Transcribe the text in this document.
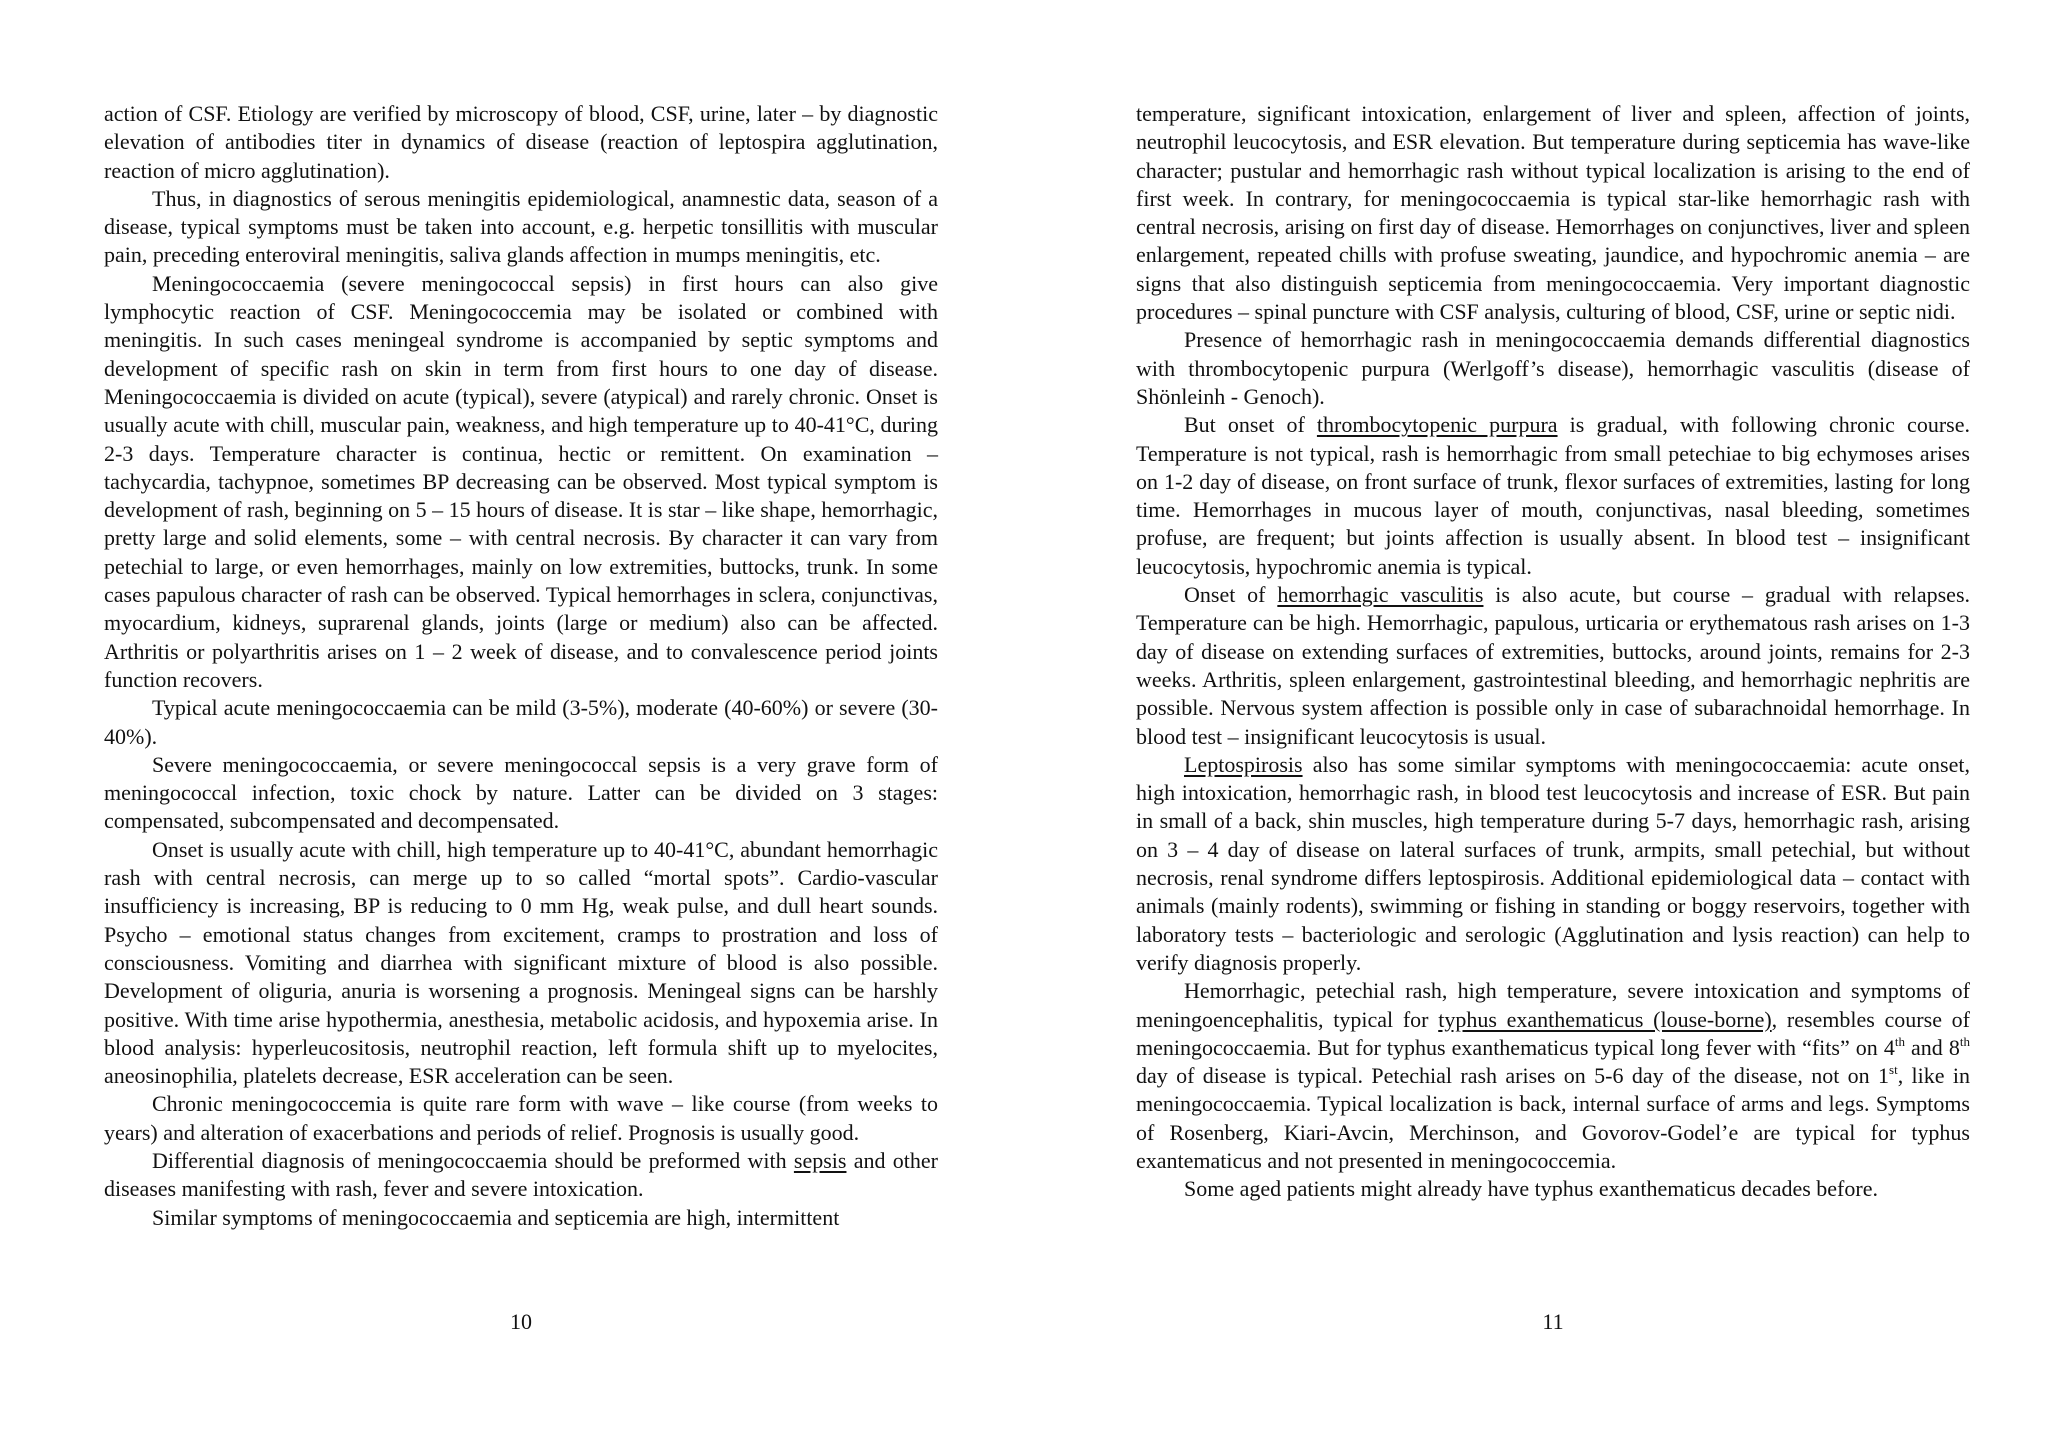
action of CSF. Etiology are verified by microscopy of blood, CSF, urine, later – by diagnostic elevation of antibodies titer in dynamics of disease (reaction of leptospira agglutination, reaction of micro agglutination).

Thus, in diagnostics of serous meningitis epidemiological, anamnestic data, season of a disease, typical symptoms must be taken into account, e.g. herpetic tonsillitis with muscular pain, preceding enteroviral meningitis, saliva glands affection in mumps meningitis, etc.

Meningococcaemia (severe meningococcal sepsis) in first hours can also give lymphocytic reaction of CSF. Meningococcemia may be isolated or combined with meningitis. In such cases meningeal syndrome is accompanied by septic symptoms and development of specific rash on skin in term from first hours to one day of disease. Meningococcaemia is divided on acute (typical), severe (atypical) and rarely chronic. Onset is usually acute with chill, muscular pain, weakness, and high temperature up to 40-41°C, during 2-3 days. Temperature character is continua, hectic or remittent. On examination – tachycardia, tachypnoe, sometimes BP decreasing can be observed. Most typical symptom is development of rash, beginning on 5 – 15 hours of disease. It is star – like shape, hemorrhagic, pretty large and solid elements, some – with central necrosis. By character it can vary from petechial to large, or even hemorrhages, mainly on low extremities, buttocks, trunk. In some cases papulous character of rash can be observed. Typical hemorrhages in sclera, conjunctivas, myocardium, kidneys, suprarenal glands, joints (large or medium) also can be affected. Arthritis or polyarthritis arises on 1 – 2 week of disease, and to convalescence period joints function recovers.

Typical acute meningococcaemia can be mild (3-5%), moderate (40-60%) or severe (30-40%).

Severe meningococcaemia, or severe meningococcal sepsis is a very grave form of meningococcal infection, toxic chock by nature. Latter can be divided on 3 stages: compensated, subcompensated and decompensated.

Onset is usually acute with chill, high temperature up to 40-41°C, abundant hemorrhagic rash with central necrosis, can merge up to so called “mortal spots”. Cardio-vascular insufficiency is increasing, BP is reducing to 0 mm Hg, weak pulse, and dull heart sounds. Psycho – emotional status changes from excitement, cramps to prostration and loss of consciousness. Vomiting and diarrhea with significant mixture of blood is also possible. Development of oliguria, anuria is worsening a prognosis. Meningeal signs can be harshly positive. With time arise hypothermia, anesthesia, metabolic acidosis, and hypoxemia arise. In blood analysis: hyperleucositosis, neutrophil reaction, left formula shift up to myelocites, aneosinophilia, platelets decrease, ESR acceleration can be seen.

Chronic meningococcemia is quite rare form with wave – like course (from weeks to years) and alteration of exacerbations and periods of relief. Prognosis is usually good.

Differential diagnosis of meningococcaemia should be preformed with sepsis and other diseases manifesting with rash, fever and severe intoxication.

Similar symptoms of meningococcaemia and septicemia are high, intermittent

10

temperature, significant intoxication, enlargement of liver and spleen, affection of joints, neutrophil leucocytosis, and ESR elevation. But temperature during septicemia has wave-like character; pustular and hemorrhagic rash without typical localization is arising to the end of first week. In contrary, for meningococcaemia is typical star-like hemorrhagic rash with central necrosis, arising on first day of disease. Hemorrhages on conjunctives, liver and spleen enlargement, repeated chills with profuse sweating, jaundice, and hypochromic anemia – are signs that also distinguish septicemia from meningococcaemia. Very important diagnostic procedures – spinal puncture with CSF analysis, culturing of blood, CSF, urine or septic nidi.

Presence of hemorrhagic rash in meningococcaemia demands differential diagnostics with thrombocytopenic purpura (Werlgoff’s disease), hemorrhagic vasculitis (disease of Shönleinh - Genoch).

But onset of thrombocytopenic purpura is gradual, with following chronic course. Temperature is not typical, rash is hemorrhagic from small petechiae to big echymoses arises on 1-2 day of disease, on front surface of trunk, flexor surfaces of extremities, lasting for long time. Hemorrhages in mucous layer of mouth, conjunctivas, nasal bleeding, sometimes profuse, are frequent; but joints affection is usually absent. In blood test – insignificant leucocytosis, hypochromic anemia is typical.

Onset of hemorrhagic vasculitis is also acute, but course – gradual with relapses. Temperature can be high. Hemorrhagic, papulous, urticaria or erythematous rash arises on 1-3 day of disease on extending surfaces of extremities, buttocks, around joints, remains for 2-3 weeks. Arthritis, spleen enlargement, gastrointestinal bleeding, and hemorrhagic nephritis are possible. Nervous system affection is possible only in case of subarachnoidal hemorrhage. In blood test – insignificant leucocytosis is usual.

Leptospirosis also has some similar symptoms with meningococcaemia: acute onset, high intoxication, hemorrhagic rash, in blood test leucocytosis and increase of ESR. But pain in small of a back, shin muscles, high temperature during 5-7 days, hemorrhagic rash, arising on 3 – 4 day of disease on lateral surfaces of trunk, armpits, small petechial, but without necrosis, renal syndrome differs leptospirosis. Additional epidemiological data – contact with animals (mainly rodents), swimming or fishing in standing or boggy reservoirs, together with laboratory tests – bacteriologic and serologic (Agglutination and lysis reaction) can help to verify diagnosis properly.

Hemorrhagic, petechial rash, high temperature, severe intoxication and symptoms of meningoencephalitis, typical for typhus exanthematicus (louse-borne), resembles course of meningococcaemia. But for typhus exanthematicus typical long fever with “fits” on 4th and 8th day of disease is typical. Petechial rash arises on 5-6 day of the disease, not on 1st, like in meningococcaemia. Typical localization is back, internal surface of arms and legs. Symptoms of Rosenberg, Kiari-Avcin, Merchinson, and Govorov-Godel’e are typical for typhus exantematicus and not presented in meningococcemia.

Some aged patients might already have typhus exanthematicus decades before.

11
